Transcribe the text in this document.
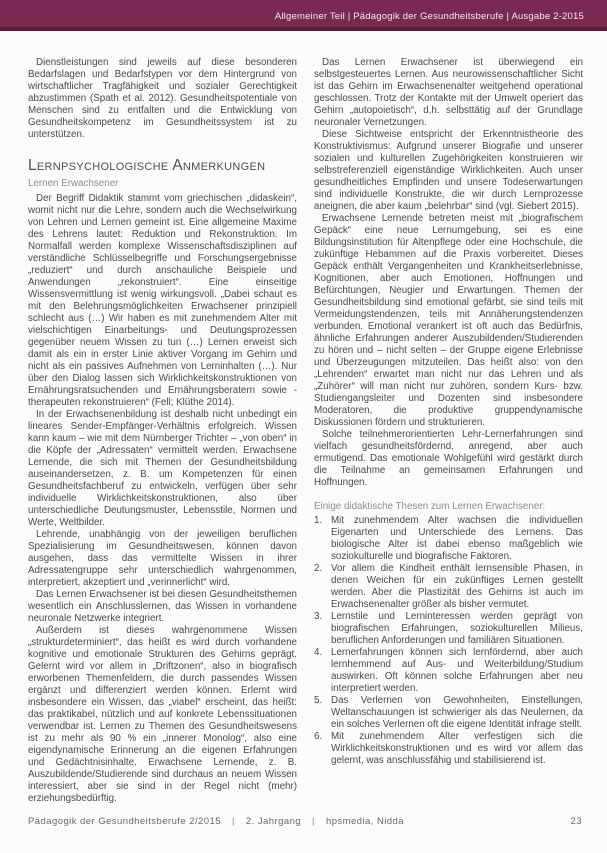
Allgemeiner Teil | Pädagogik der Gesundheitsberufe | Ausgabe 2-2015

Dienstleistungen sind jeweils auf diese besonderen Bedarfslagen und Bedarfstypen vor dem Hintergrund von wirtschaftlicher Tragfähigkeit und sozialer Gerechtigkeit abzustimmen (Spath et al. 2012). Gesundheitspotentiale von Menschen sind zu entfalten und die Entwicklung von Gesundheitskompetenz im Gesundheitssystem ist zu unterstützen.

Lernpsychologische Anmerkungen
Lernen Erwachsener

Der Begriff Didaktik stammt vom griechischen „didaskein“, womit nicht nur die Lehre, sondern auch die Wechselwirkung von Lehren und Lernen gemeint ist. Eine allgemeine Maxime des Lehrens lautet: Reduktion und Rekonstruktion. Im Normalfall werden komplexe Wissenschaftsdisziplinen auf verständliche Schlüsselbegriffe und Forschungsergebnisse „reduziert“ und durch anschauliche Beispiele und Anwendungen „rekonstruiert“. Eine einseitige Wissensvermittlung ist wenig wirkungsvoll. „Dabei schaut es mit den Belehrungsmöglichkeiten Erwachsener prinzipiell schlecht aus (…) Wir haben es mit zunehmendem Alter mit vielschichtigen Einarbeitungs- und Deutungsprozessen gegenüber neuem Wissen zu tun (…) Lernen erweist sich damit als ein in erster Linie aktiver Vorgang im Gehirn und nicht als ein passives Aufnehmen von Lerninhalten (…). Nur über den Dialog lassen sich Wirklichkeitskonstruktionen von Ernährungsratsuchenden und Ernährungsberatern sowie -therapeuten rekonstruieren“ (Fell; Klüthe 2014).

In der Erwachsenenbildung ist deshalb nicht unbedingt ein lineares Sender-Empfänger-Verhältnis erfolgreich. Wissen kann kaum – wie mit dem Nürnberger Trichter – „von oben“ in die Köpfe der „Adressaten“ vermittelt werden. Erwachsene Lernende, die sich mit Themen der Gesundheitsbildung auseinandersetzen, z. B. um Kompetenzen für einen Gesundheitsfachberuf zu entwickeln, verfügen über sehr individuelle Wirklichkeitskonstruktionen, also über unterschiedliche Deutungsmuster, Lebensstile, Normen und Werte, Weltbilder.

Lehrende, unabhängig von der jeweiligen beruflichen Spezialisierung im Gesundheitswesen, können davon ausgehen, dass das vermittelte Wissen in ihrer Adressatengruppe sehr unterschiedlich wahrgenommen, interpretiert, akzeptiert und „verinnerlicht“ wird.

Das Lernen Erwachsener ist bei diesen Gesundheitsthemen wesentlich ein Anschlusslernen, das Wissen in vorhandene neuronale Netzwerke integriert.

Außerdem ist dieses wahrgenommene Wissen „strukturdeterminiert“, das heißt es wird durch vorhandene kognitive und emotionale Strukturen des Gehirns geprägt. Gelernt wird vor allem in „Driftzonen“, also in biografisch erworbenen Themenfeldern, die durch passendes Wissen ergänzt und differenziert werden können. Erlernt wird insbesondere ein Wissen, das „viabel“ erscheint, das heißt: das praktikabel, nützlich und auf konkrete Lebenssituationen verwendbar ist. Lernen zu Themen des Gesundheitswesens ist zu mehr als 90 % ein „innerer Monolog“, also eine eigendynamische Erinnerung an die eigenen Erfahrungen und Gedächtnisinhalte. Erwachsene Lernende, z. B. Auszubildende/Studierende sind durchaus an neuem Wissen interessiert, aber sie sind in der Regel nicht (mehr) erziehungsbedürftig.

Das Lernen Erwachsener ist überwiegend ein selbstgesteuertes Lernen. Aus neurowissenschaftlicher Sicht ist das Gehirn im Erwachsenenalter weitgehend operational geschlossen. Trotz der Kontakte mit der Umwelt operiert das Gehirn „autopoietisch“, d.h. selbsttätig auf der Grundlage neuronaler Vernetzungen.

Diese Sichtweise entspricht der Erkenntnistheorie des Konstruktivismus: Aufgrund unserer Biografie und unserer sozialen und kulturellen Zugehörigkeiten konstruieren wir selbstreferenziell eigenständige Wirklichkeiten. Auch unser gesundheitliches Empfinden und unsere Todeserwartungen sind individuelle Konstrukte, die wir durch Lernprozesse aneignen, die aber kaum „belehrbar“ sind (vgl. Siebert 2015).

Erwachsene Lernende betreten meist mit „biografischem Gepäck“ eine neue Lernumgebung, sei es eine Bildungsinstitution für Altenpflege oder eine Hochschule, die zukünftige Hebammen auf die Praxis vorbereitet. Dieses Gepäck enthält Vergangenheiten und Krankheitserlebnisse, Kognitionen, aber auch Emotionen, Hoffnungen und Befürchtungen, Neugier und Erwartungen. Themen der Gesundheitsbildung sind emotional gefärbt, sie sind teils mit Vermeidungstendenzen, teils mit Annäherungstendenzen verbunden. Emotional verankert ist oft auch das Bedürfnis, ähnliche Erfahrungen anderer Auszubildenden/Studierenden zu hören und – nicht selten – der Gruppe eigene Erlebnisse und Überzeugungen mitzuteilen. Das heißt also: von den „Lehrenden“ erwartet man nicht nur das Lehren und als „Zuhörer“ will man nicht nur zuhören, sondern Kurs- bzw. Studiengangsleiter und Dozenten sind insbesondere Moderatoren, die produktive gruppendynamische Diskussionen fördern und strukturieren.

Solche teilnehmerorientierten Lehr-Lernerfahrungen sind vielfach gesundheitsfördernd, anregend, aber auch ermutigend. Das emotionale Wohlgefühl wird gestärkt durch die Teilnahme an gemeinsamen Erfahrungen und Hoffnungen.

Einige didaktische Thesen zum Lernen Erwachsener:
1. Mit zunehmendem Alter wachsen die individuellen Eigenarten und Unterschiede des Lernens. Das biologische Alter ist dabei ebenso maßgeblich wie soziokulturelle und biografische Faktoren.
2. Vor allem die Kindheit enthält lernsensible Phasen, in denen Weichen für ein zukünftiges Lernen gestellt werden. Aber die Plastizität des Gehirns ist auch im Erwachsenenalter größer als bisher vermutet.
3. Lernstile und Lerninteressen werden geprägt von biografischen Erfahrungen, soziokulturellen Milieus, beruflichen Anforderungen und familiären Situationen.
4. Lernerfahrungen können sich lernfördernd, aber auch lernhemmend auf Aus- und Weiterbildung/Studium auswirken. Oft können solche Erfahrungen aber neu interpretiert werden.
5. Das Verlernen von Gewohnheiten, Einstellungen, Weltanschauungen ist schwieriger als das Neulernen, da ein solches Verlernen oft die eigene Identität infrage stellt.
6. Mit zunehmendem Alter verfestigen sich die Wirklichkeitskonstruktionen und es wird vor allem das gelernt, was anschlussfähig und stabilisierend ist.
Pädagogik der Gesundheitsberufe 2/2015 | 2. Jahrgang | hpsmedia, Nidda	23
